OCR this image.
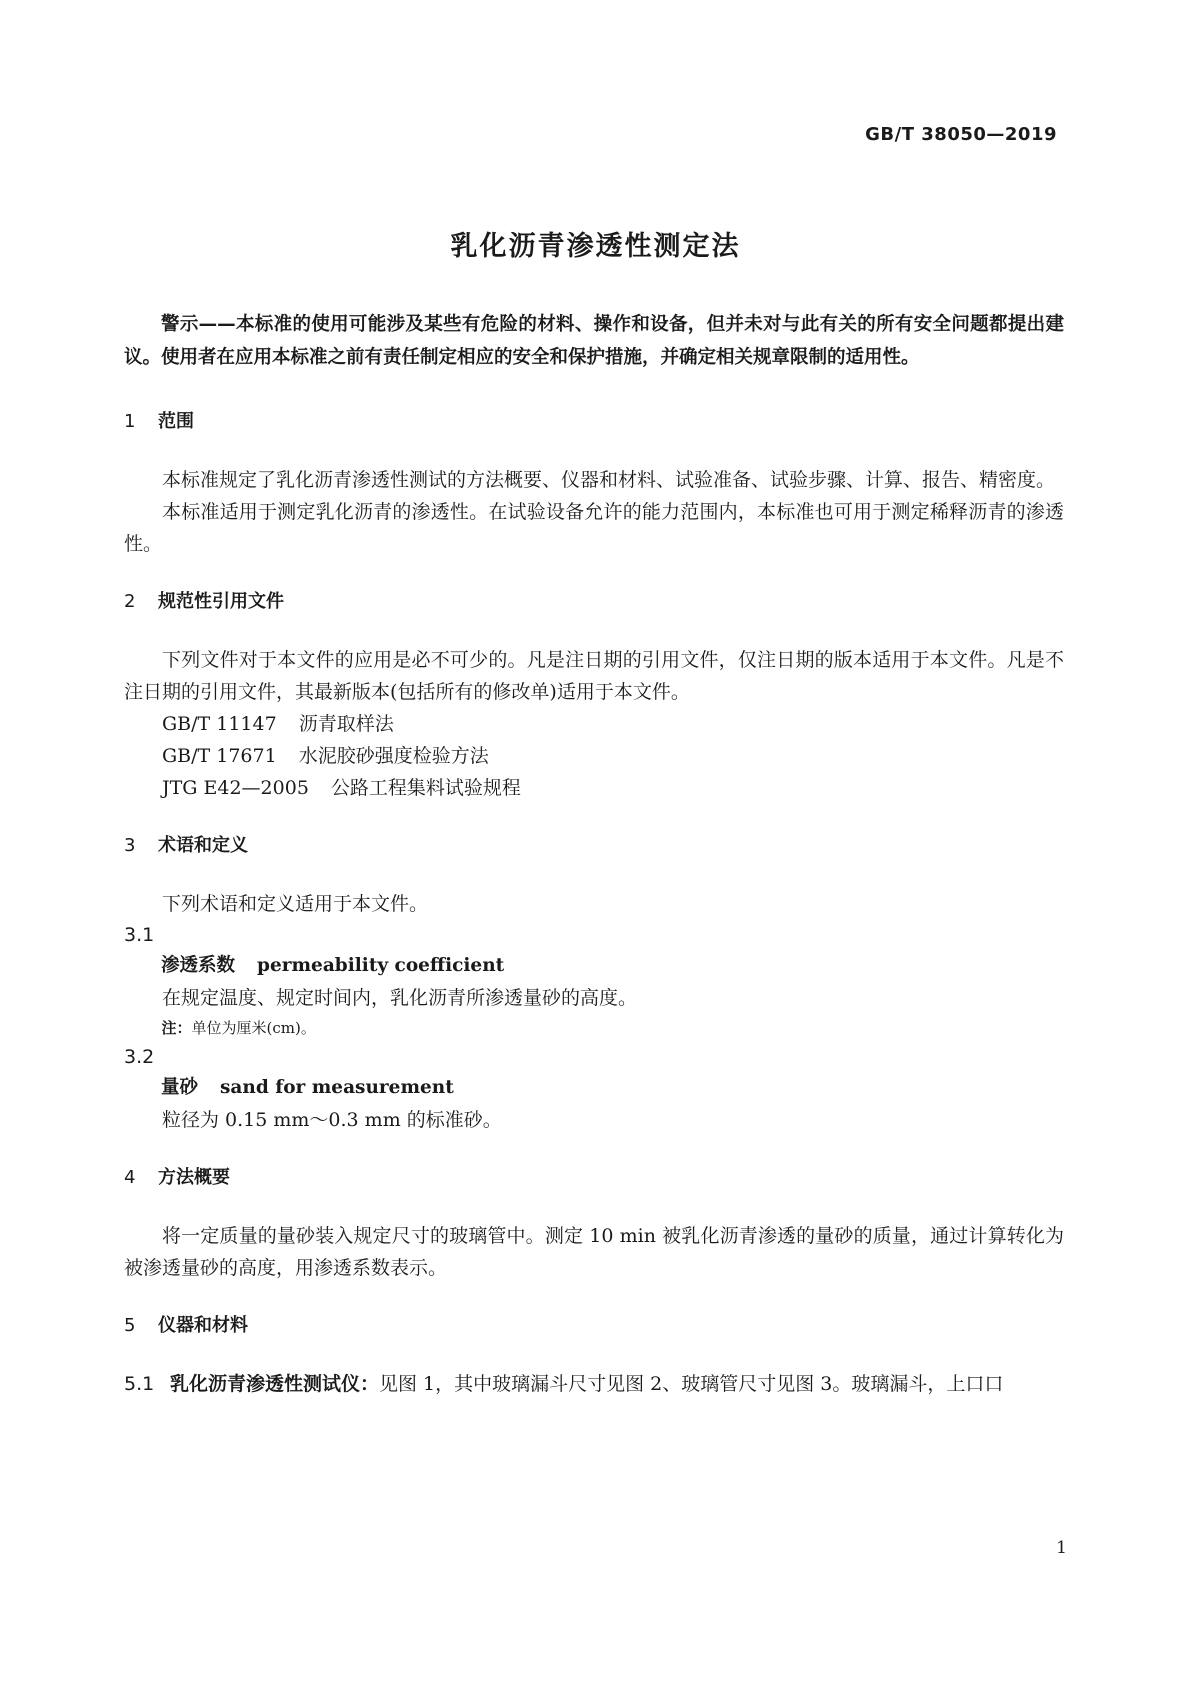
GB/T 38050—2019
乳化沥青渗透性测定法

警示——本标准的使用可能涉及某些有危险的材料、操作和设备，但并未对与此有关的所有安全问题都提出建议。使用者在应用本标准之前有责任制定相应的安全和保护措施，并确定相关规章限制的适用性。

1 范围

本标准规定了乳化沥青渗透性测试的方法概要、仪器和材料、试验准备、试验步骤、计算、报告、精密度。

本标准适用于测定乳化沥青的渗透性。在试验设备允许的能力范围内，本标准也可用于测定稀释沥青的渗透性。

2 规范性引用文件

下列文件对于本文件的应用是必不可少的。凡是注日期的引用文件，仅注日期的版本适用于本文件。凡是不注日期的引用文件，其最新版本(包括所有的修改单)适用于本文件。

GB/T 11147 沥青取样法

GB/T 17671 水泥胶砂强度检验方法

JTG E42—2005 公路工程集料试验规程

3 术语和定义

下列术语和定义适用于本文件。

3.1

渗透系数 permeability coefficient

在规定温度、规定时间内，乳化沥青所渗透量砂的高度。

注：单位为厘米(cm)。

3.2

量砂 sand for measurement

粒径为 0.15 mm～0.3 mm 的标准砂。

4 方法概要

将一定质量的量砂装入规定尺寸的玻璃管中。测定 10 min 被乳化沥青渗透的量砂的质量，通过计算转化为被渗透量砂的高度，用渗透系数表示。

5 仪器和材料

5.1 乳化沥青渗透性测试仪：见图 1，其中玻璃漏斗尺寸见图 2、玻璃管尺寸见图 3。玻璃漏斗，上口口

1
